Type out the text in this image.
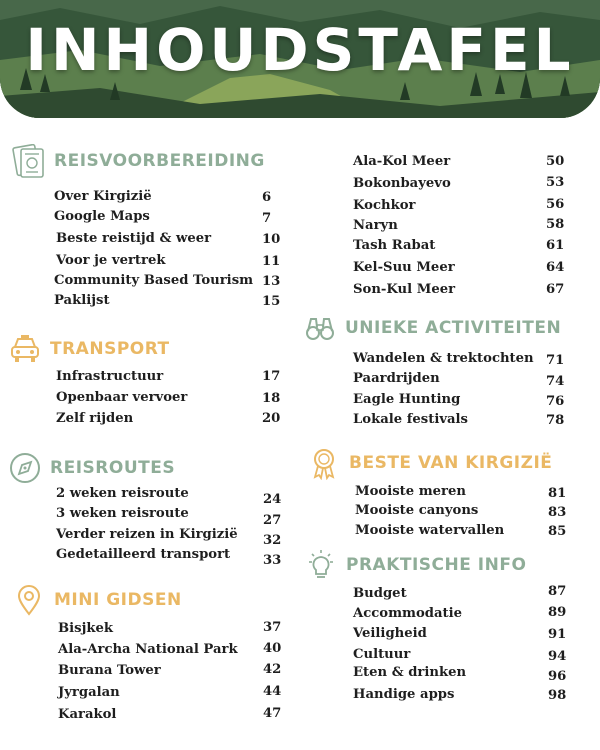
INHOUDSTAFEL
REISVOORBEREIDING
Over Kirgizië	6
Google Maps	7
Beste reistijd & weer	10
Voor je vertrek	11
Community Based Tourism 13
Paklijst	15
TRANSPORT
Infrastructuur	17
Openbaar vervoer	18
Zelf rijden	20
REISROUTES
2 weken reisroute	24
3 weken reisroute	27
Verder reizen in Kirgizië 32
Gedetailleerd transport 33
MINI GIDSEN
Bisjkek	37
Ala-Archa National Park 40
Burana Tower	42
Jyrgalan	44
Karakol	47
Ala-Kol Meer	50
Bokonbayevo	53
Kochkor	56
Naryn	58
Tash Rabat	61
Kel-Suu Meer	64
Son-Kul Meer	67
UNIEKE ACTIVITEITEN
Wandelen & trektochten 71
Paardrijden	74
Eagle Hunting	76
Lokale festivals	78
BESTE VAN KIRGIZIË
Mooiste meren	81
Mooiste canyons	83
Mooiste watervallen	85
PRAKTISCHE INFO
Budget	87
Accommodatie	89
Veiligheid	91
Cultuur	94
Eten & drinken	96
Handige apps	98
